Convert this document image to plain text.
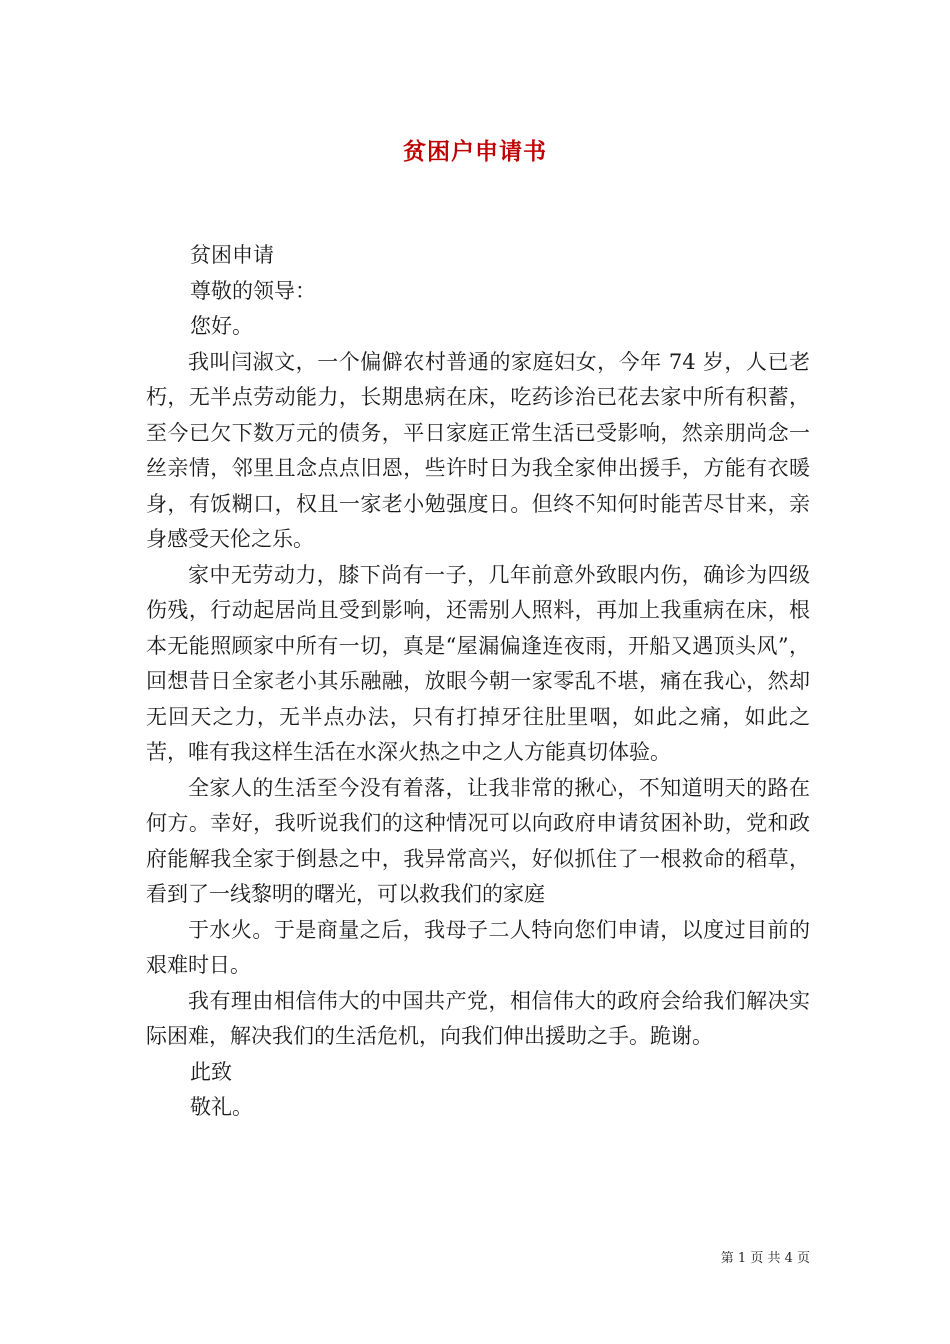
贫困户申请书

贫困申请

尊敬的领导：

您好。

我叫闫淑文，一个偏僻农村普通的家庭妇女，今年 74 岁，人已老朽，无半点劳动能力，长期患病在床，吃药诊治已花去家中所有积蓄，至今已欠下数万元的债务，平日家庭正常生活已受影响，然亲朋尚念一丝亲情，邻里且念点点旧恩，些许时日为我全家伸出援手，方能有衣暖身，有饭糊口，权且一家老小勉强度日。但终不知何时能苦尽甘来，亲身感受天伦之乐。

家中无劳动力，膝下尚有一子，几年前意外致眼内伤，确诊为四级伤残，行动起居尚且受到影响，还需别人照料，再加上我重病在床，根本无能照顾家中所有一切，真是“屋漏偏逢连夜雨，开船又遇顶头风”，回想昔日全家老小其乐融融，放眼今朝一家零乱不堪，痛在我心，然却无回天之力，无半点办法，只有打掉牙往肚里咽，如此之痛，如此之苦，唯有我这样生活在水深火热之中之人方能真切体验。

全家人的生活至今没有着落，让我非常的揪心，不知道明天的路在何方。幸好，我听说我们的这种情况可以向政府申请贫困补助，党和政府能解我全家于倒悬之中，我异常高兴，好似抓住了一根救命的稻草，看到了一线黎明的曙光，可以救我们的家庭

于水火。于是商量之后，我母子二人特向您们申请，以度过目前的艰难时日。

我有理由相信伟大的中国共产党，相信伟大的政府会给我们解决实际困难，解决我们的生活危机，向我们伸出援助之手。跪谢。

此致

敬礼。

第 1 页 共 4 页
